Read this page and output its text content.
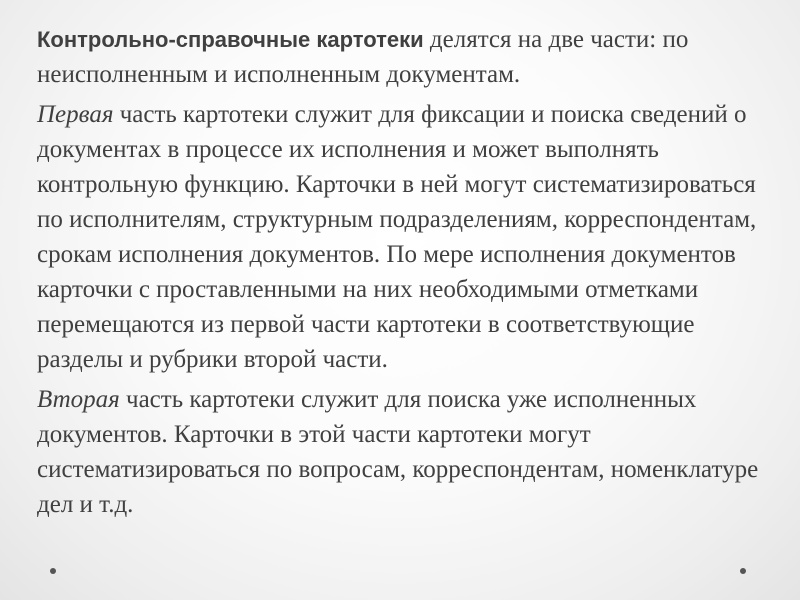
Контрольно-справочные картотеки делятся на две части: по неисполненным и исполненным документам.

Первая часть картотеки служит для фиксации и поиска сведений о документах в процессе их исполнения и может выполнять контрольную функцию. Карточки в ней могут систематизироваться по исполнителям, структурным подразделениям, корреспондентам, срокам исполнения документов. По мере исполнения документов карточки с проставленными на них необходимыми отметками перемещаются из первой части картотеки в соответствующие разделы и рубрики второй части.

Вторая часть картотеки служит для поиска уже исполненных документов. Карточки в этой части картотеки могут систематизироваться по вопросам, корреспондентам, номенклатуре дел и т.д.
